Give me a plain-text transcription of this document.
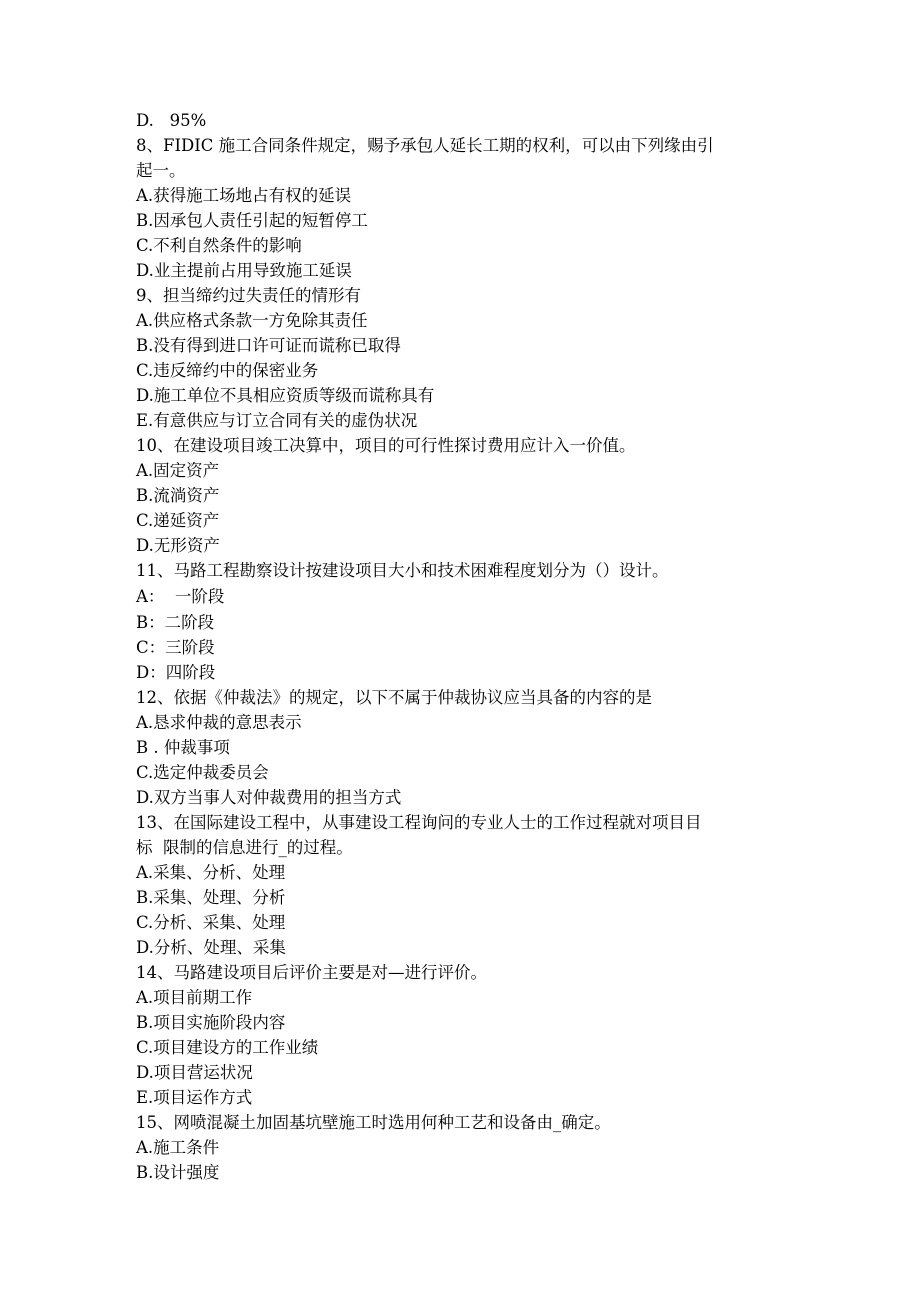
D.   95%
8、FIDIC 施工合同条件规定，赐予承包人延长工期的权利，可以由下列缘由引
起一。
A.获得施工场地占有权的延误
B.因承包人责任引起的短暂停工
C.不利自然条件的影响
D.业主提前占用导致施工延误
9、担当缔约过失责任的情形有
A.供应格式条款一方免除其责任
B.没有得到进口许可证而谎称已取得
C.违反缔约中的保密业务
D.施工单位不具相应资质等级而谎称具有
E.有意供应与订立合同有关的虚伪状况
10、在建设项目竣工决算中，项目的可行性探讨费用应计入一价值。
A.固定资产
B.流淌资产
C.递延资产
D.无形资产
11、马路工程勘察设计按建设项目大小和技术困难程度划分为（）设计。
A：  一阶段
B：二阶段
C：三阶段
D：四阶段
12、依据《仲裁法》的规定，以下不属于仲裁协议应当具备的内容的是
A.恳求仲裁的意思表示
B . 仲裁事项
C.选定仲裁委员会
D.双方当事人对仲裁费用的担当方式
13、在国际建设工程中，从事建设工程询问的专业人士的工作过程就对项目目
标  限制的信息进行_的过程。
A.采集、分析、处理
B.采集、处理、分析
C.分析、采集、处理
D.分析、处理、采集
14、马路建设项目后评价主要是对—进行评价。
A.项目前期工作
B.项目实施阶段内容
C.项目建设方的工作业绩
D.项目营运状况
E.项目运作方式
15、网喷混凝土加固基坑壁施工时选用何种工艺和设备由_确定。
A.施工条件
B.设计强度
